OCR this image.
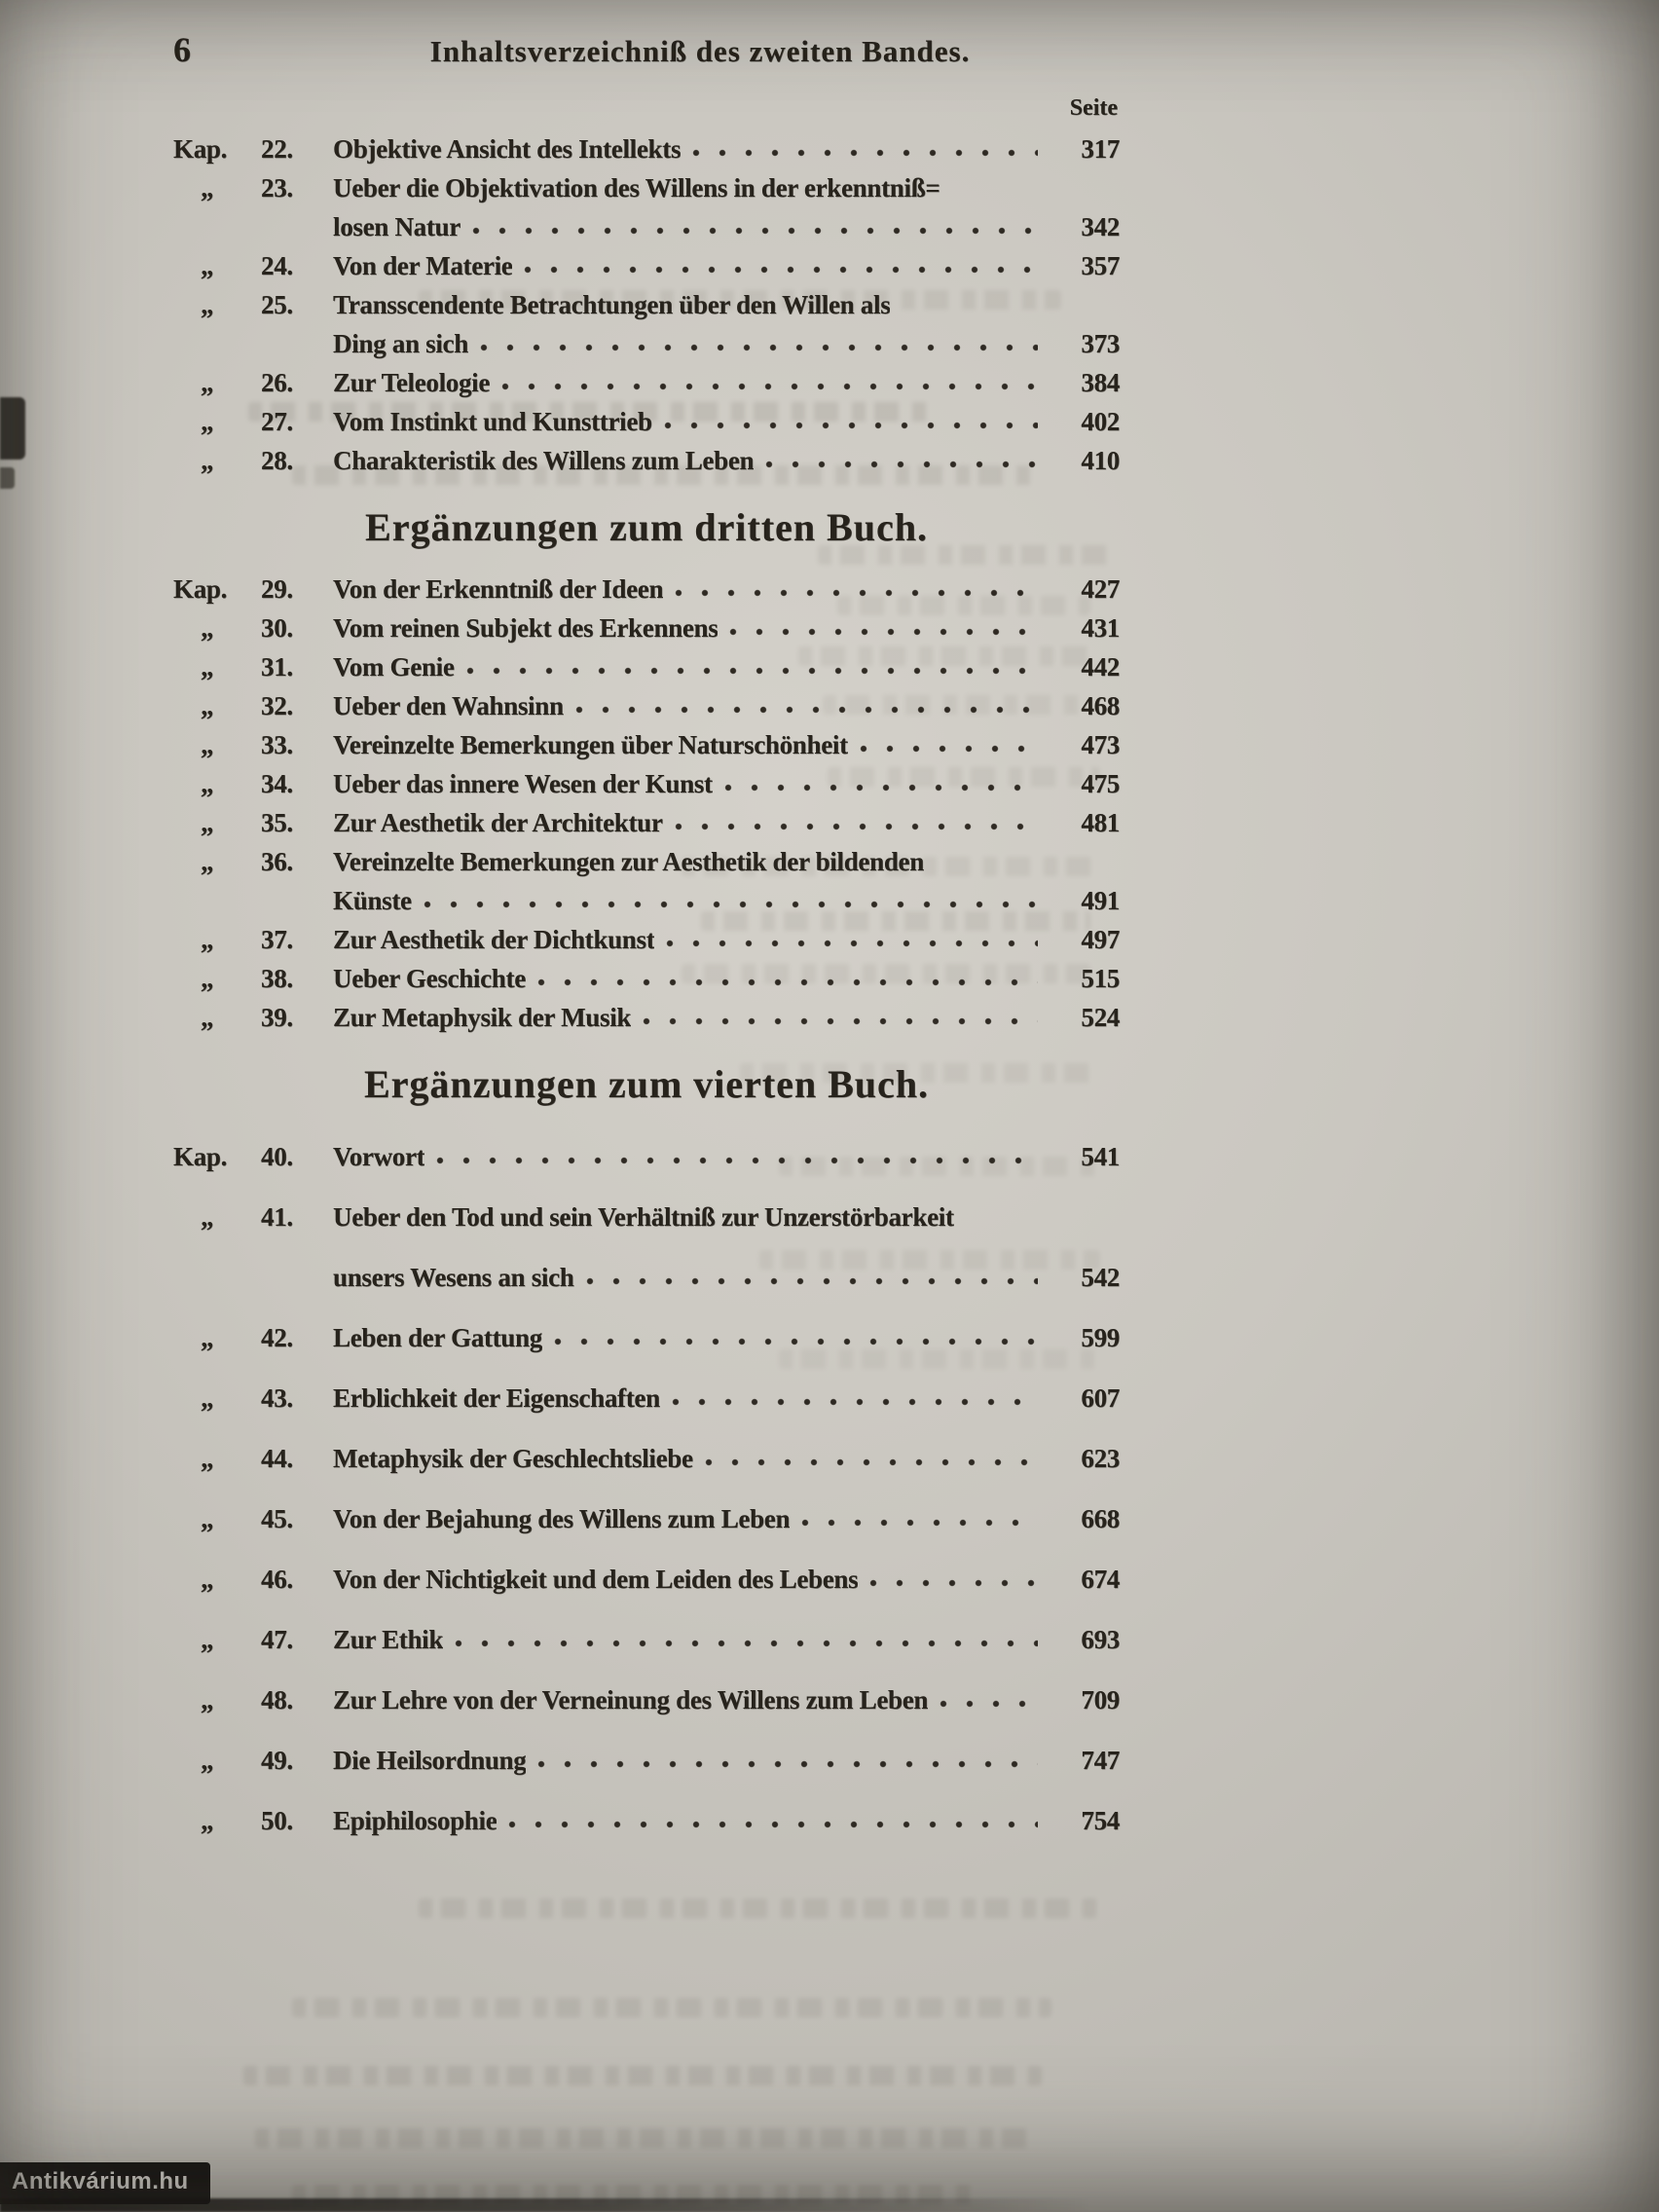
6	Inhaltsverzeichniß des zweiten Bandes.
Seite
Kap.	22.	Objektive Ansicht des Intellekts	317
„	23.	Ueber die Objektivation des Willens in der erkenntniß=
losen Natur	342
„	24.	Von der Materie	357
„	25.	Transscendente Betrachtungen über den Willen als
Ding an sich	373
„	26.	Zur Teleologie	384
„	27.	Vom Instinkt und Kunsttrieb	402
„	28.	Charakteristik des Willens zum Leben	410
Ergänzungen zum dritten Buch.
Kap.	29.	Von der Erkenntniß der Ideen	427
„	30.	Vom reinen Subjekt des Erkennens	431
„	31.	Vom Genie	442
„	32.	Ueber den Wahnsinn	468
„	33.	Vereinzelte Bemerkungen über Naturschönheit	473
„	34.	Ueber das innere Wesen der Kunst	475
„	35.	Zur Aesthetik der Architektur	481
„	36.	Vereinzelte Bemerkungen zur Aesthetik der bildenden
Künste	491
„	37.	Zur Aesthetik der Dichtkunst	497
„	38.	Ueber Geschichte	515
„	39.	Zur Metaphysik der Musik	524
Ergänzungen zum vierten Buch.
Kap.	40.	Vorwort	541
„	41.	Ueber den Tod und sein Verhältniß zur Unzerstörbarkeit
unsers Wesens an sich	542
„	42.	Leben der Gattung	599
„	43.	Erblichkeit der Eigenschaften	607
„	44.	Metaphysik der Geschlechtsliebe	623
„	45.	Von der Bejahung des Willens zum Leben	668
„	46.	Von der Nichtigkeit und dem Leiden des Lebens	674
„	47.	Zur Ethik	693
„	48.	Zur Lehre von der Verneinung des Willens zum Leben	709
„	49.	Die Heilsordnung	747
„	50.	Epiphilosophie	754
Antikvárium.hu
